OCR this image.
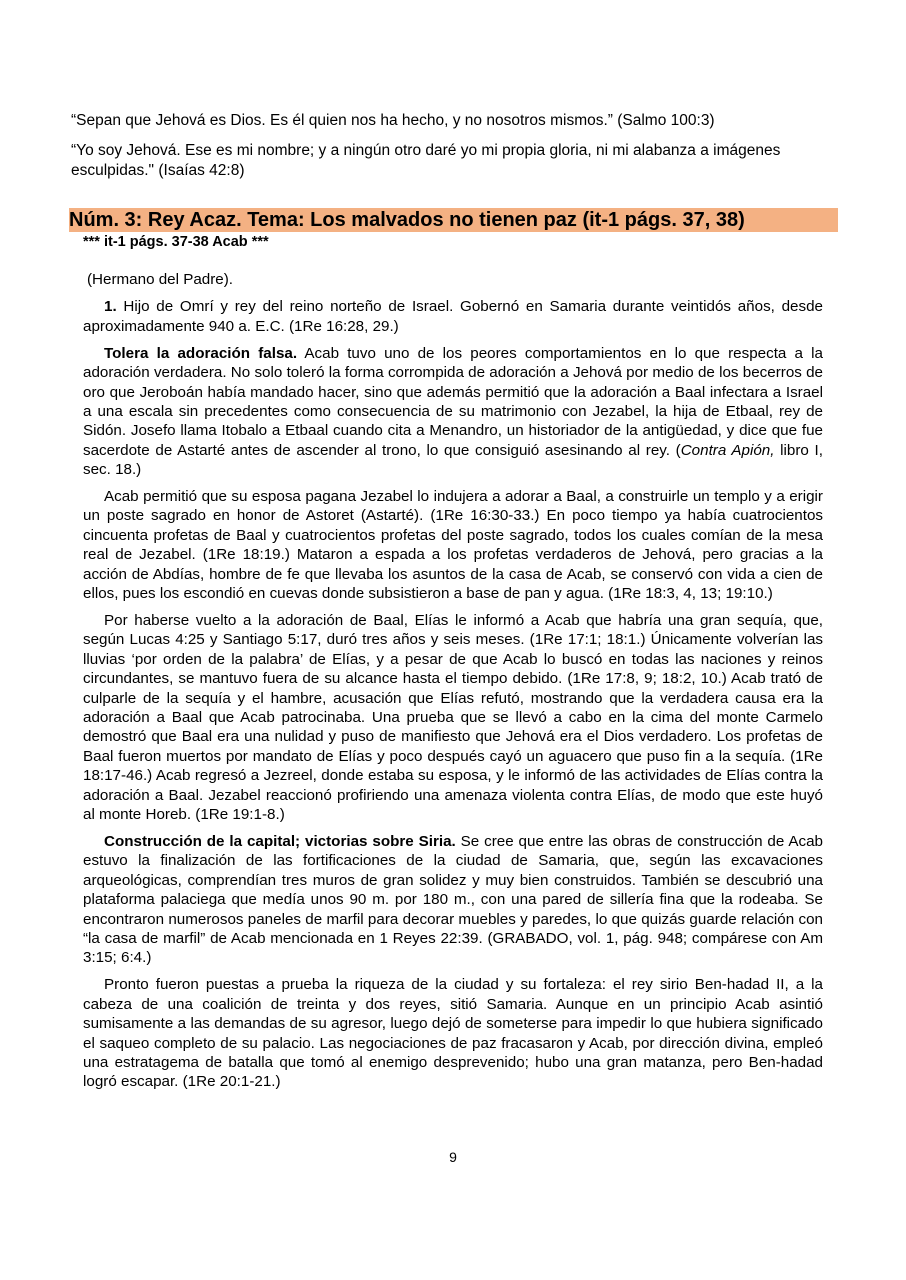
“Sepan que Jehová es Dios. Es él quien nos ha hecho, y no nosotros mismos.” (Salmo 100:3)

“Yo soy Jehová. Ese es mi nombre; y a ningún otro daré yo mi propia gloria, ni mi alabanza a imágenes esculpidas." (Isaías 42:8)

Núm. 3: Rey Acaz. Tema: Los malvados no tienen paz (it-1 págs. 37, 38)

*** it-1 págs. 37-38 Acab ***

(Hermano del Padre).

1. Hijo de Omrí y rey del reino norteño de Israel. Gobernó en Samaria durante veintidós años, desde aproximadamente 940 a. E.C. (1Re 16:28, 29.)

Tolera la adoración falsa. Acab tuvo uno de los peores comportamientos en lo que respecta a la adoración verdadera. No solo toleró la forma corrompida de adoración a Jehová por medio de los becerros de oro que Jeroboán había mandado hacer, sino que además permitió que la adoración a Baal infectara a Israel a una escala sin precedentes como consecuencia de su matrimonio con Jezabel, la hija de Etbaal, rey de Sidón. Josefo llama Itobalo a Etbaal cuando cita a Menandro, un historiador de la antigüedad, y dice que fue sacerdote de Astarté antes de ascender al trono, lo que consiguió asesinando al rey. (Contra Apión, libro I, sec. 18.)

Acab permitió que su esposa pagana Jezabel lo indujera a adorar a Baal, a construirle un templo y a erigir un poste sagrado en honor de Astoret (Astarté). (1Re 16:30-33.) En poco tiempo ya había cuatrocientos cincuenta profetas de Baal y cuatrocientos profetas del poste sagrado, todos los cuales comían de la mesa real de Jezabel. (1Re 18:19.) Mataron a espada a los profetas verdaderos de Jehová, pero gracias a la acción de Abdías, hombre de fe que llevaba los asuntos de la casa de Acab, se conservó con vida a cien de ellos, pues los escondió en cuevas donde subsistieron a base de pan y agua. (1Re 18:3, 4, 13; 19:10.)

Por haberse vuelto a la adoración de Baal, Elías le informó a Acab que habría una gran sequía, que, según Lucas 4:25 y Santiago 5:17, duró tres años y seis meses. (1Re 17:1; 18:1.) Únicamente volverían las lluvias ‘por orden de la palabra’ de Elías, y a pesar de que Acab lo buscó en todas las naciones y reinos circundantes, se mantuvo fuera de su alcance hasta el tiempo debido. (1Re 17:8, 9; 18:2, 10.) Acab trató de culparle de la sequía y el hambre, acusación que Elías refutó, mostrando que la verdadera causa era la adoración a Baal que Acab patrocinaba. Una prueba que se llevó a cabo en la cima del monte Carmelo demostró que Baal era una nulidad y puso de manifiesto que Jehová era el Dios verdadero. Los profetas de Baal fueron muertos por mandato de Elías y poco después cayó un aguacero que puso fin a la sequía. (1Re 18:17-46.) Acab regresó a Jezreel, donde estaba su esposa, y le informó de las actividades de Elías contra la adoración a Baal. Jezabel reaccionó profiriendo una amenaza violenta contra Elías, de modo que este huyó al monte Horeb. (1Re 19:1-8.)

Construcción de la capital; victorias sobre Siria. Se cree que entre las obras de construcción de Acab estuvo la finalización de las fortificaciones de la ciudad de Samaria, que, según las excavaciones arqueológicas, comprendían tres muros de gran solidez y muy bien construidos. También se descubrió una plataforma palaciega que medía unos 90 m. por 180 m., con una pared de sillería fina que la rodeaba. Se encontraron numerosos paneles de marfil para decorar muebles y paredes, lo que quizás guarde relación con “la casa de marfil” de Acab mencionada en 1 Reyes 22:39. (GRABADO, vol. 1, pág. 948; compárese con Am 3:15; 6:4.)

Pronto fueron puestas a prueba la riqueza de la ciudad y su fortaleza: el rey sirio Ben-hadad II, a la cabeza de una coalición de treinta y dos reyes, sitió Samaria. Aunque en un principio Acab asintió sumisamente a las demandas de su agresor, luego dejó de someterse para impedir lo que hubiera significado el saqueo completo de su palacio. Las negociaciones de paz fracasaron y Acab, por dirección divina, empleó una estratagema de batalla que tomó al enemigo desprevenido; hubo una gran matanza, pero Ben-hadad logró escapar. (1Re 20:1-21.)

9
